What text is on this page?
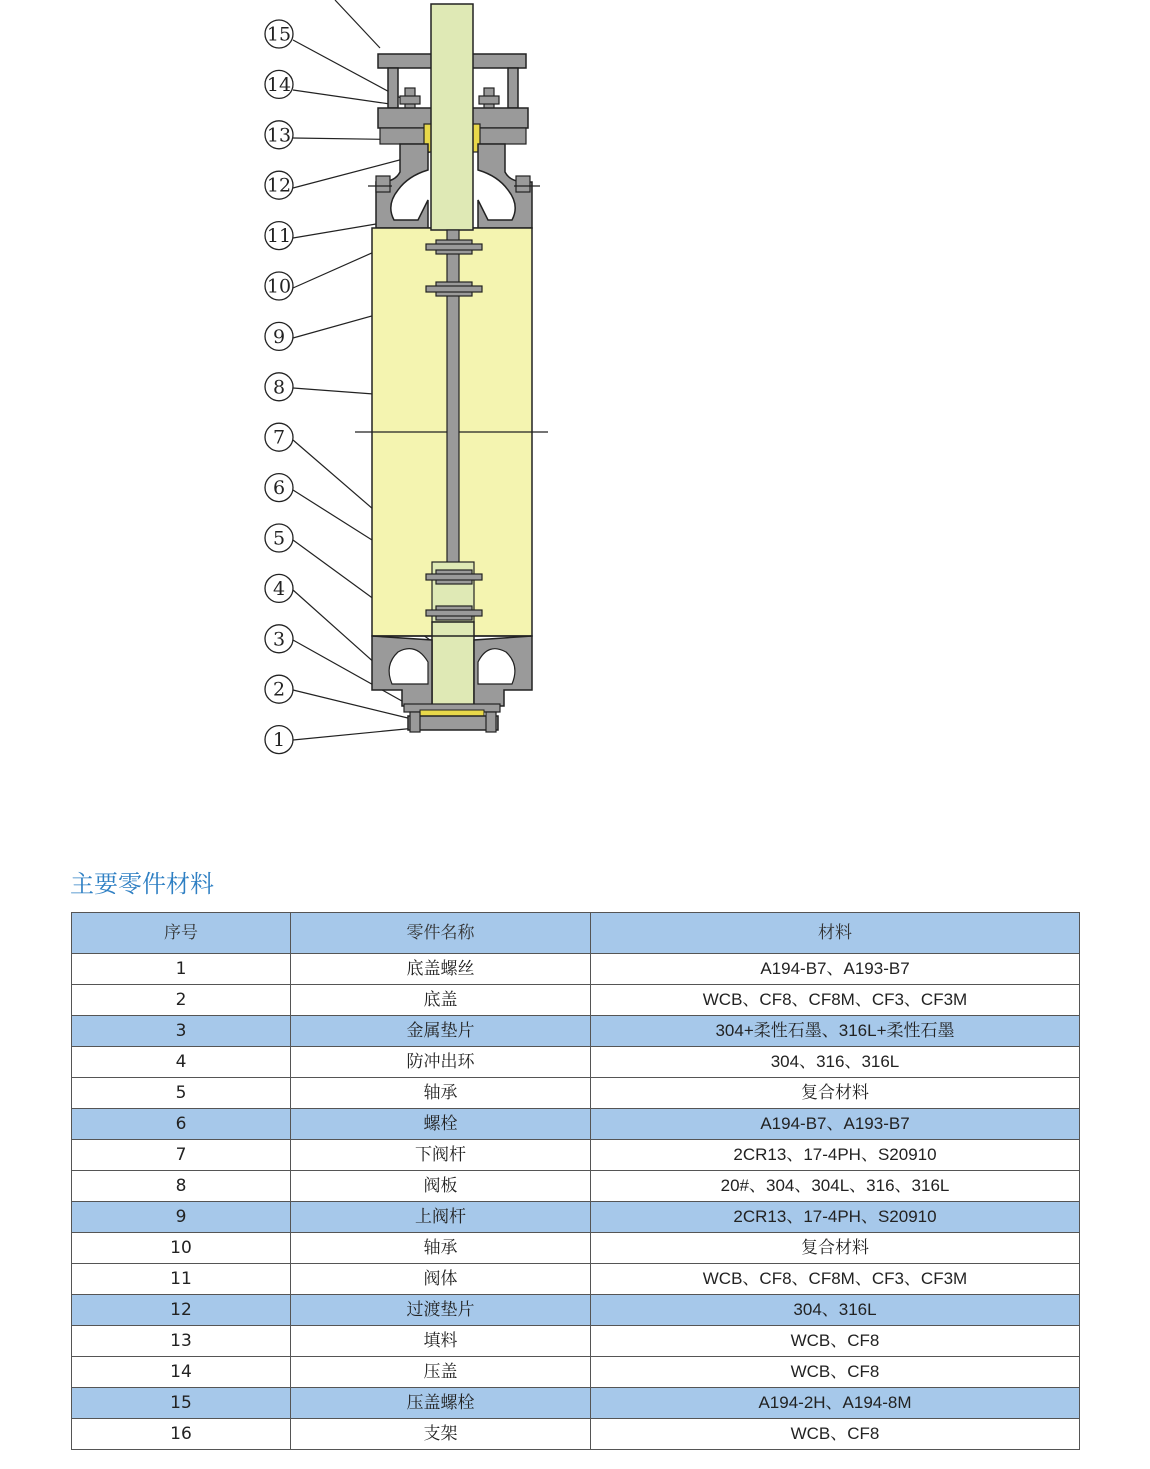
15
14
13
12
11
10
9
8
7
6
5
4
3
2
1
主要零件材料
序号	零件名称	材料
1	底盖螺丝	A194-B7、A193-B7
2	底盖	WCB、CF8、CF8M、CF3、CF3M
3	金属垫片	304+柔性石墨、316L+柔性石墨
4	防冲出环	304、316、316L
5	轴承	复合材料
6	螺栓	A194-B7、A193-B7
7	下阀杆	2CR13、17-4PH、S20910
8	阀板	20#、304、304L、316、316L
9	上阀杆	2CR13、17-4PH、S20910
10	轴承	复合材料
11	阀体	WCB、CF8、CF8M、CF3、CF3M
12	过渡垫片	304、316L
13	填料	WCB、CF8
14	压盖	WCB、CF8
15	压盖螺栓	A194-2H、A194-8M
16	支架	WCB、CF8
